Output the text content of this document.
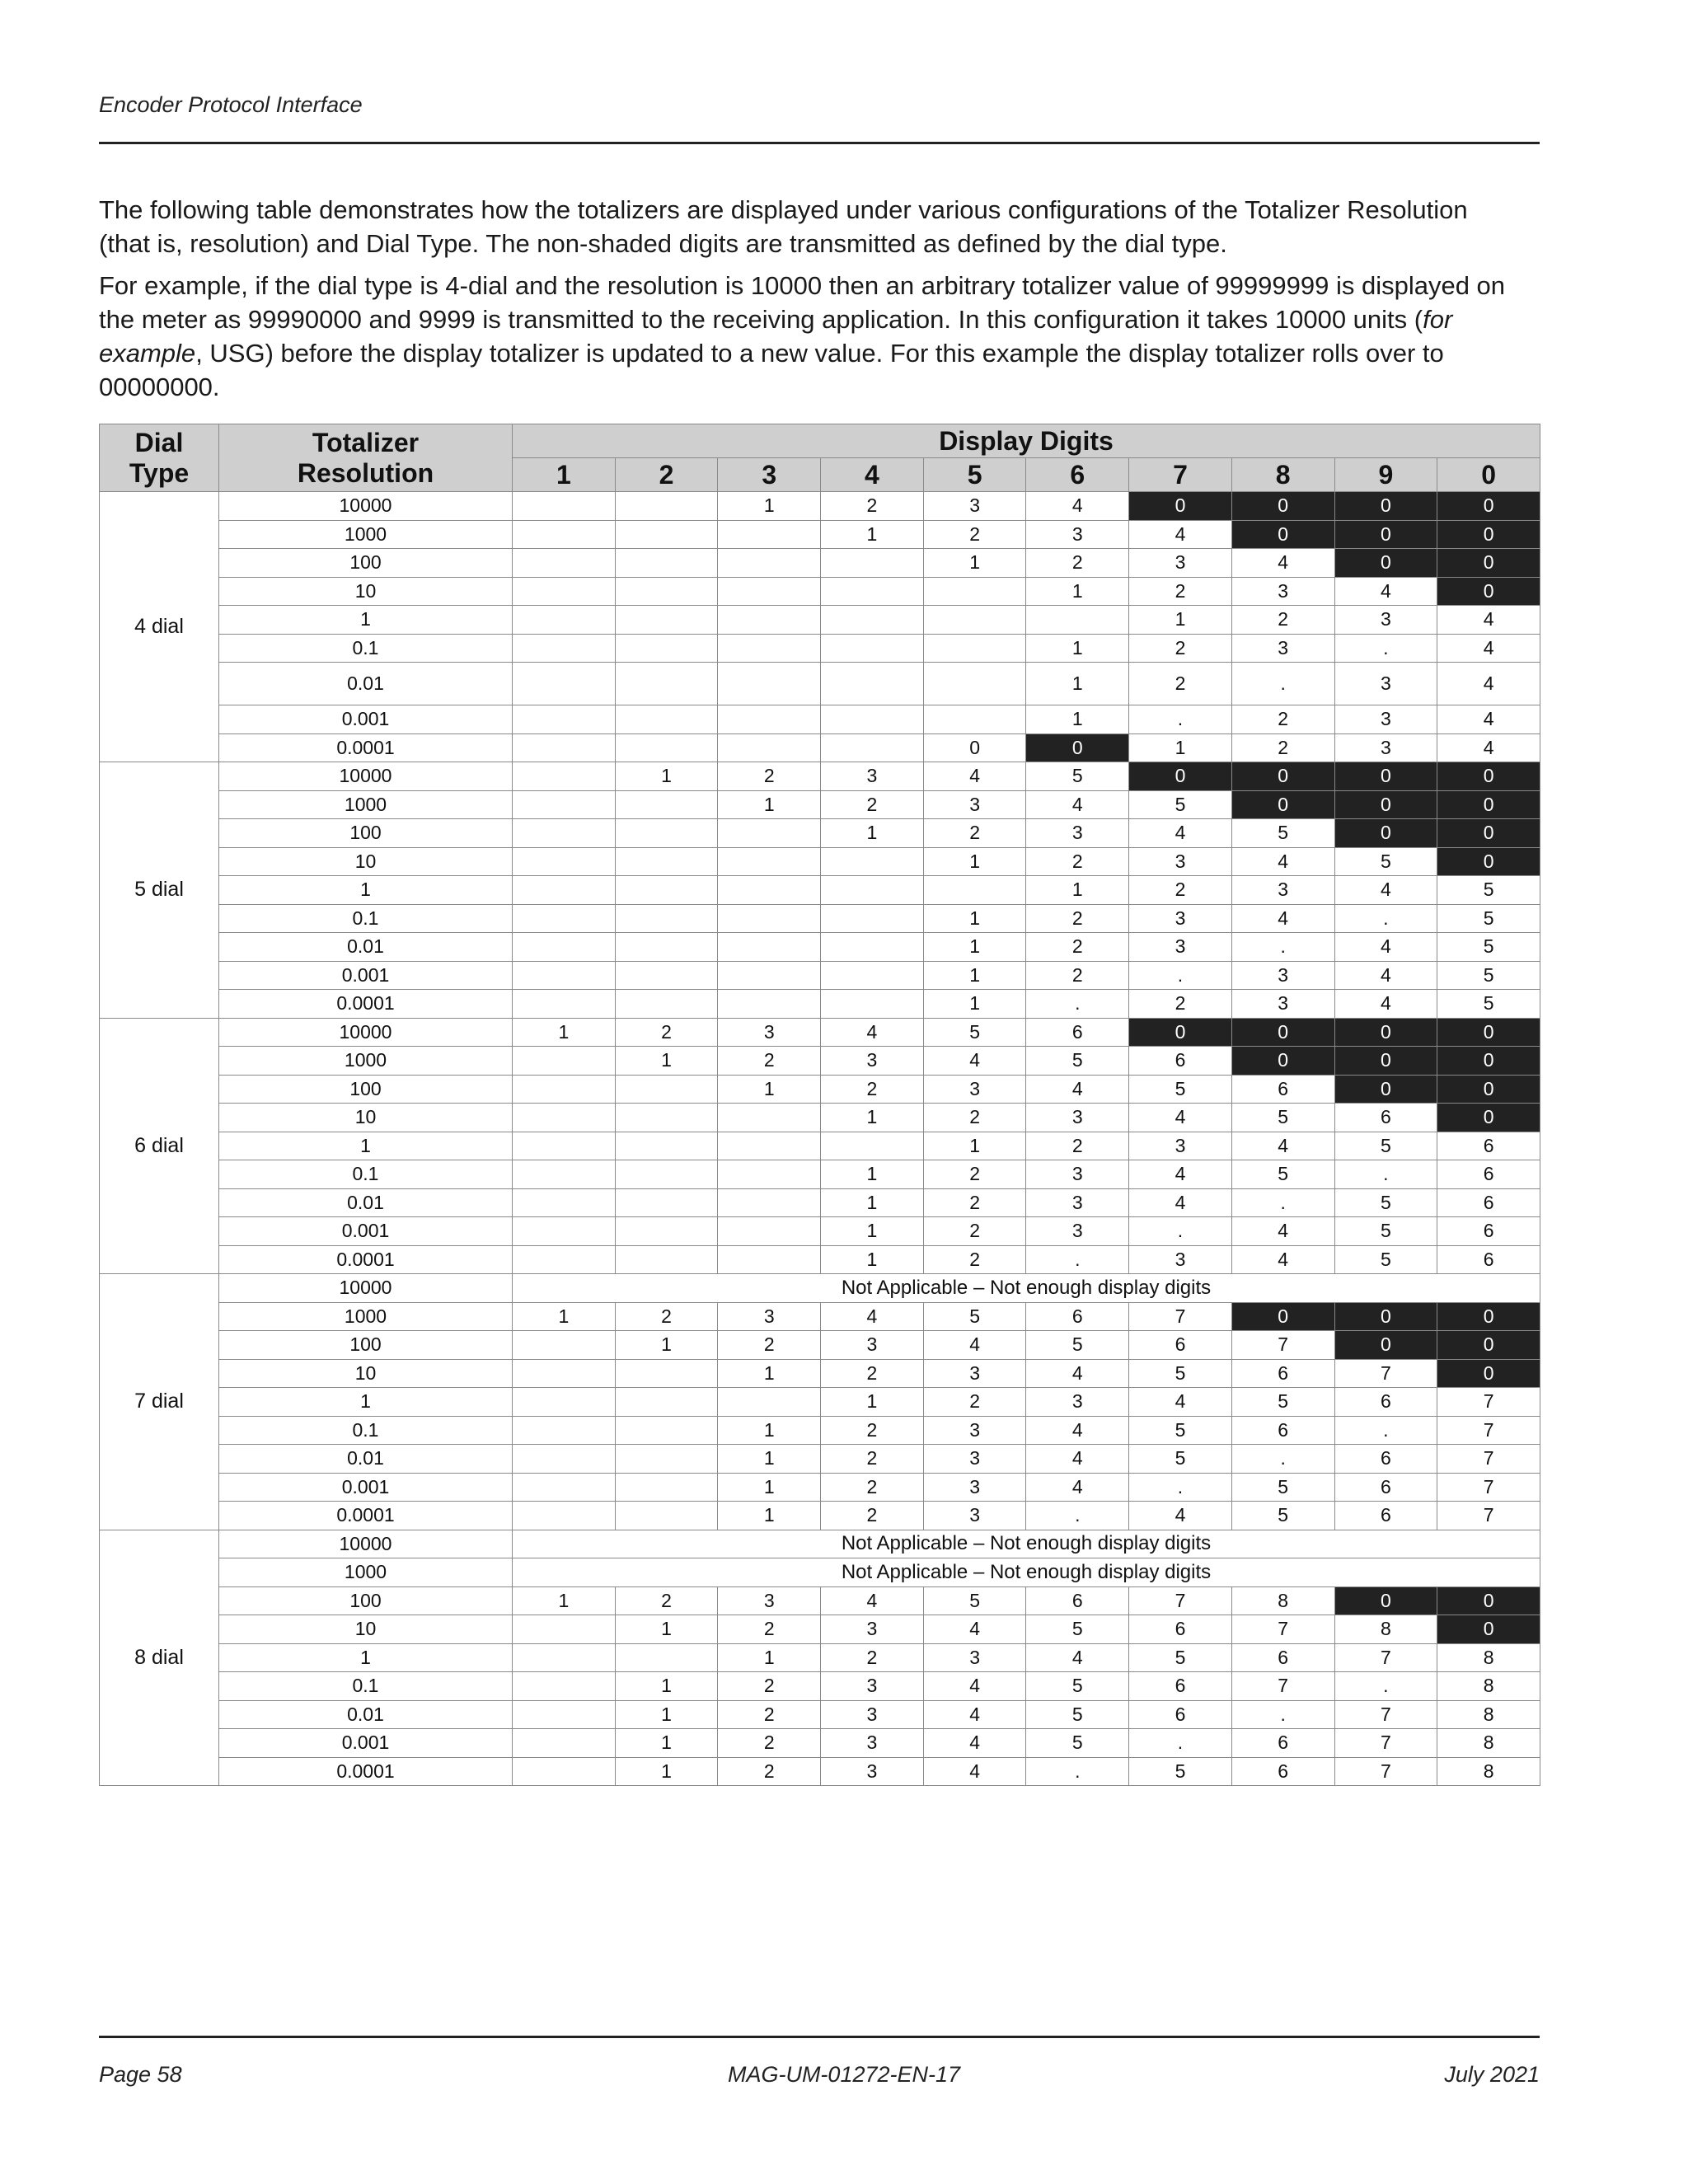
Encoder Protocol Interface

The following table demonstrates how the totalizers are displayed under various configurations of the Totalizer Resolution (that is, resolution) and Dial Type. The non-shaded digits are transmitted as defined by the dial type.

For example, if the dial type is 4-dial and the resolution is 10000 then an arbitrary totalizer value of 99999999 is displayed on the meter as 99990000 and 9999 is transmitted to the receiving application. In this configuration it takes 10000 units (for example, USG) before the display totalizer is updated to a new value. For this example the display totalizer rolls over to 00000000.

Dial
Type	Totalizer
Resolution	Display Digits									
		1	2	3	4	5	6	7	8	9	0
4 dial	10000			1	2	3	4	0	0	0	0
	1000				1	2	3	4	0	0	0
	100					1	2	3	4	0	0
	10						1	2	3	4	0
	1							1	2	3	4
	0.1						1	2	3	.	4
	0.01						1	2	.	3	4
	0.001						1	.	2	3	4
	0.0001					0	0	1	2	3	4
5 dial	10000		1	2	3	4	5	0	0	0	0
	1000			1	2	3	4	5	0	0	0
	100				1	2	3	4	5	0	0
	10					1	2	3	4	5	0
	1						1	2	3	4	5
	0.1					1	2	3	4	.	5
	0.01					1	2	3	.	4	5
	0.001					1	2	.	3	4	5
	0.0001					1	.	2	3	4	5
6 dial	10000	1	2	3	4	5	6	0	0	0	0
	1000		1	2	3	4	5	6	0	0	0
	100			1	2	3	4	5	6	0	0
	10				1	2	3	4	5	6	0
	1					1	2	3	4	5	6
	0.1				1	2	3	4	5	.	6
	0.01				1	2	3	4	.	5	6
	0.001				1	2	3	.	4	5	6
	0.0001				1	2	.	3	4	5	6
7 dial	10000	Not Applicable – Not enough display digits									
	1000	1	2	3	4	5	6	7	0	0	0
	100		1	2	3	4	5	6	7	0	0
	10			1	2	3	4	5	6	7	0
	1				1	2	3	4	5	6	7
	0.1			1	2	3	4	5	6	.	7
	0.01			1	2	3	4	5	.	6	7
	0.001			1	2	3	4	.	5	6	7
	0.0001			1	2	3	.	4	5	6	7
8 dial	10000	Not Applicable – Not enough display digits									
	1000	Not Applicable – Not enough display digits									
	100	1	2	3	4	5	6	7	8	0	0
	10		1	2	3	4	5	6	7	8	0
	1			1	2	3	4	5	6	7	8
	0.1		1	2	3	4	5	6	7	.	8
	0.01		1	2	3	4	5	6	.	7	8
	0.001		1	2	3	4	5	.	6	7	8
	0.0001		1	2	3	4	.	5	6	7	8
Page 58	MAG-UM-01272-EN-17	July 2021
